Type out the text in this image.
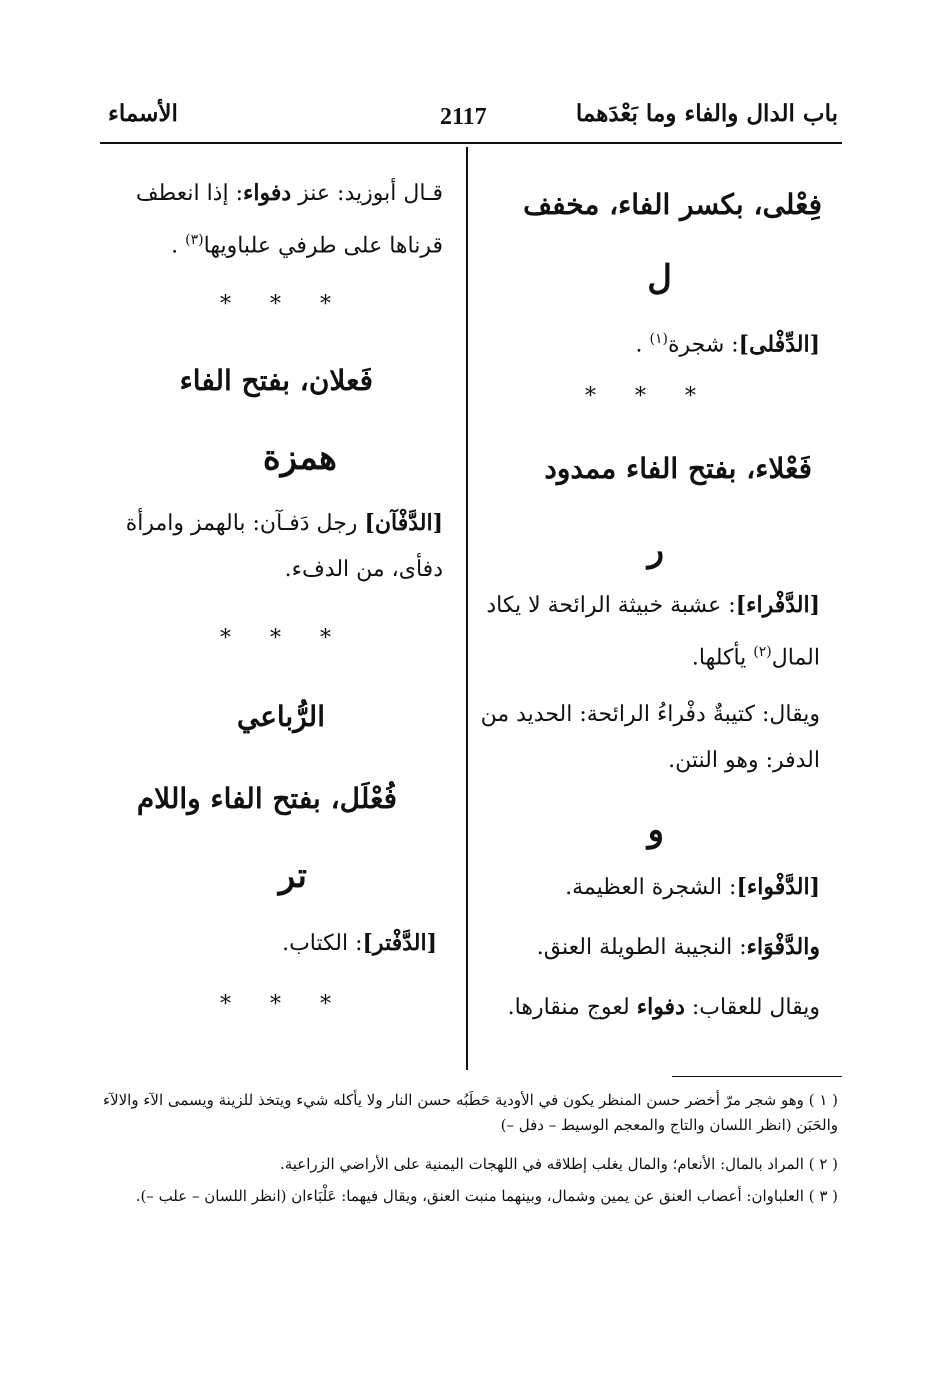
باب الدال والفاء وما بَعْدَهما
2117
الأسماء
فِعْلى، بكسر الفاء، مخفف
ل
[الدِّفْلى]: شجرة$^{(١)}$ .
* * *
فَعْلاء، بفتح الفاء ممدود
ر
[الدَّفْراء]: عشبة خبيثة الرائحة لا يكاد المال$^{(٢)}$ يأكلها.
ويقال: كتيبةٌ دفْراءُ الرائحة: الحديد من الدفر: وهو النتن.
و
[الدَّفْواء]: الشجرة العظيمة.
والدَّفْوَاء: النجيبة الطويلة العنق.
ويقال للعقاب: دفواء لعوج منقارها.
قـال أبوزيد: عنز دفواء: إذا انعطف قرناها على طرفي علباويها$^{(٣)}$ .
* * *
فَعلان، بفتح الفاء
همزة
[الدَّفْآن] رجل دَفـآن: بالهمز وامرأة دفأى، من الدفء.
* * *
الرُّباعي
فُعْلَل، بفتح الفاء واللام
تر
[الدَّفْتر]: الكتاب.
* * *
( ١ ) وهو شجر مرّ أخضر حسن المنظر يكون في الأودية حَطَبُه حسن النار ولا يأكله شيء ويتخذ للزينة ويسمى الآء والالآء والحَبَن (انظر اللسان والتاج والمعجم الوسيط – دفل –)
( ٢ ) المراد بالمال: الأنعام؛ والمال يغلب إطلاقه في اللهجات اليمنية على الأراضي الزراعية.
( ٣ ) العلباوان: أعصاب العنق عن يمين وشمال، وبينهما منبت العنق، ويقال فيهما: عَلْبَاءان (انظر اللسان – علب –).
